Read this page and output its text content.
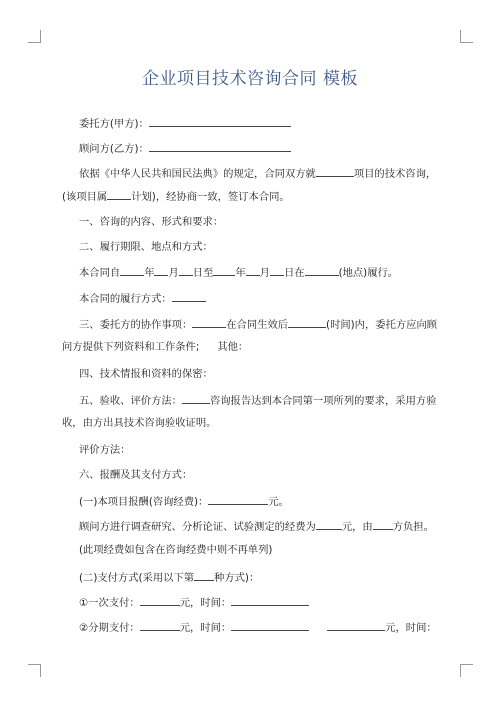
企业项目技术咨询合同 模板
委托方(甲方)：
顾问方(乙方)：
依据《中华人民共和国民法典》的规定，合同双方就	项目的技术咨询，
(该项目属 计划)，经协商一致，签订本合同。
一、咨询的内容、形式和要求：
二、履行期限、地点和方式：
本合同自 年 月 日至 年 月 日在	(地点)履行。
本合同的履行方式：
三、委托方的协作事项：	在合同生效后	(时间)内，委托方应向顾
问方提供下列资料和工作条件; 其他：
四、技术情报和资料的保密：
五、验收、评价方法：	咨询报告达到本合同第一项所列的要求，采用方验
收，由方出具技术咨询验收证明。
评价方法：
六、报酬及其支付方式：
(一)本项目报酬(咨询经费)：	元。
顾问方进行调查研究、分析论证、试验测定的经费为	元，由 方负担。
(此项经费如包含在咨询经费中则不再单列)
(二)支付方式(采用以下第 种方式)：
①一次支付：	元，时间：
②分期支付：	元，时间：	元，时间：
